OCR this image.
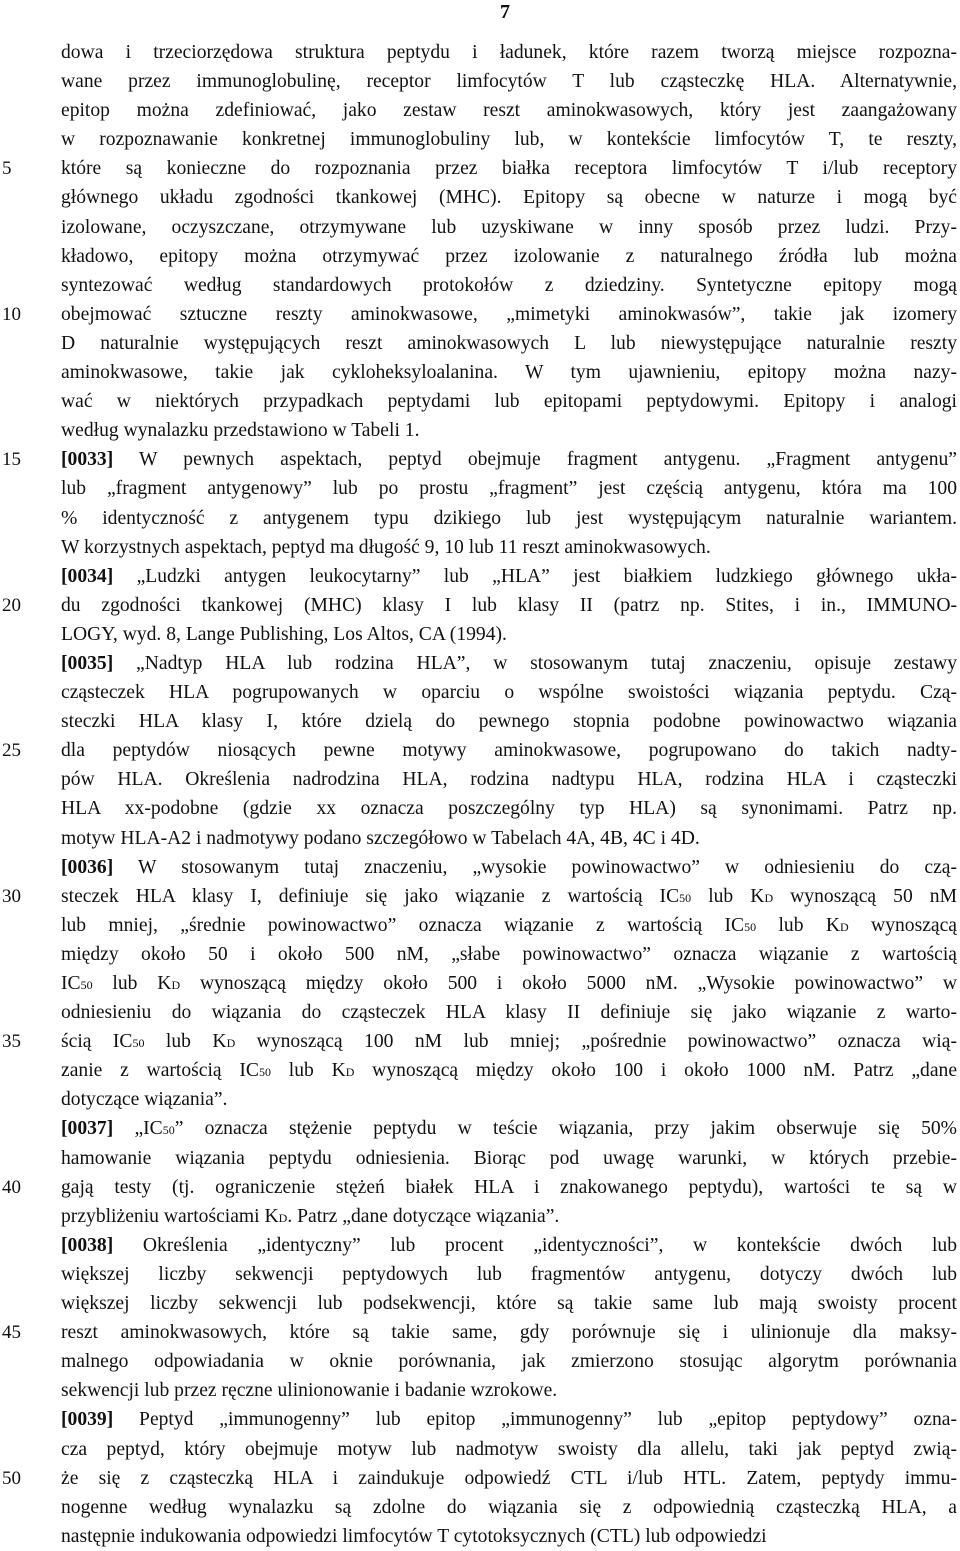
7
5
10
15
20
25
30
35
40
45
50
dowa i trzeciorzędowa struktura peptydu i ładunek, które razem tworzą miejsce rozpozna-
wane przez immunoglobulinę, receptor limfocytów T lub cząsteczkę HLA. Alternatywnie,
epitop można zdefiniować, jako zestaw reszt aminokwasowych, który jest zaangażowany
w rozpoznawanie konkretnej immunoglobuliny lub, w kontekście limfocytów T, te reszty,
które są konieczne do rozpoznania przez białka receptora limfocytów T i/lub receptory
głównego układu zgodności tkankowej (MHC). Epitopy są obecne w naturze i mogą być
izolowane, oczyszczane, otrzymywane lub uzyskiwane w inny sposób przez ludzi. Przy-
kładowo, epitopy można otrzymywać przez izolowanie z naturalnego źródła lub można
syntezować według standardowych protokołów z dziedziny. Syntetyczne epitopy mogą
obejmować sztuczne reszty aminokwasowe, „mimetyki aminokwasów”, takie jak izomery
D naturalnie występujących reszt aminokwasowych L lub niewystępujące naturalnie reszty
aminokwasowe, takie jak cykloheksyloalanina. W tym ujawnieniu, epitopy można nazy-
wać w niektórych przypadkach peptydami lub epitopami peptydowymi. Epitopy i analogi
według wynalazku przedstawiono w Tabeli 1.
[0033] W pewnych aspektach, peptyd obejmuje fragment antygenu. „Fragment antygenu”
lub „fragment antygenowy” lub po prostu „fragment” jest częścią antygenu, która ma 100
% identyczność z antygenem typu dzikiego lub jest występującym naturalnie wariantem.
W korzystnych aspektach, peptyd ma długość 9, 10 lub 11 reszt aminokwasowych.
[0034] „Ludzki antygen leukocytarny” lub „HLA” jest białkiem ludzkiego głównego ukła-
du zgodności tkankowej (MHC) klasy I lub klasy II (patrz np. Stites, i in., IMMUNO-
LOGY, wyd. 8, Lange Publishing, Los Altos, CA (1994).
[0035] „Nadtyp HLA lub rodzina HLA”, w stosowanym tutaj znaczeniu, opisuje zestawy
cząsteczek HLA pogrupowanych w oparciu o wspólne swoistości wiązania peptydu. Czą-
steczki HLA klasy I, które dzielą do pewnego stopnia podobne powinowactwo wiązania
dla peptydów niosących pewne motywy aminokwasowe, pogrupowano do takich nadty-
pów HLA. Określenia nadrodzina HLA, rodzina nadtypu HLA, rodzina HLA i cząsteczki
HLA xx-podobne (gdzie xx oznacza poszczególny typ HLA) są synonimami. Patrz np.
motyw HLA-A2 i nadmotywy podano szczegółowo w Tabelach 4A, 4B, 4C i 4D.
[0036] W stosowanym tutaj znaczeniu, „wysokie powinowactwo” w odniesieniu do czą-
steczek HLA klasy I, definiuje się jako wiązanie z wartością IC50 lub KD wynoszącą 50 nM
lub mniej, „średnie powinowactwo” oznacza wiązanie z wartością IC50 lub KD wynoszącą
między około 50 i około 500 nM, „słabe powinowactwo” oznacza wiązanie z wartością
IC50 lub KD wynoszącą między około 500 i około 5000 nM. „Wysokie powinowactwo” w
odniesieniu do wiązania do cząsteczek HLA klasy II definiuje się jako wiązanie z warto-
ścią IC50 lub KD wynoszącą 100 nM lub mniej; „pośrednie powinowactwo” oznacza wią-
zanie z wartością IC50 lub KD wynoszącą między około 100 i około 1000 nM. Patrz „dane
dotyczące wiązania”.
[0037] „IC50” oznacza stężenie peptydu w teście wiązania, przy jakim obserwuje się 50%
hamowanie wiązania peptydu odniesienia. Biorąc pod uwagę warunki, w których przebie-
gają testy (tj. ograniczenie stężeń białek HLA i znakowanego peptydu), wartości te są w
przybliżeniu wartościami KD. Patrz „dane dotyczące wiązania”.
[0038] Określenia „identyczny” lub procent „identyczności”, w kontekście dwóch lub
większej liczby sekwencji peptydowych lub fragmentów antygenu, dotyczy dwóch lub
większej liczby sekwencji lub podsekwencji, które są takie same lub mają swoisty procent
reszt aminokwasowych, które są takie same, gdy porównuje się i ulinionuje dla maksy-
malnego odpowiadania w oknie porównania, jak zmierzono stosując algorytm porównania
sekwencji lub przez ręczne ulinionowanie i badanie wzrokowe.
[0039] Peptyd „immunogenny” lub epitop „immunogenny” lub „epitop peptydowy” ozna-
cza peptyd, który obejmuje motyw lub nadmotyw swoisty dla allelu, taki jak peptyd zwią-
że się z cząsteczką HLA i zaindukuje odpowiedź CTL i/lub HTL. Zatem, peptydy immu-
nogenne według wynalazku są zdolne do wiązania się z odpowiednią cząsteczką HLA, a
następnie indukowania odpowiedzi limfocytów T cytotoksycznych (CTL) lub odpowiedzi
